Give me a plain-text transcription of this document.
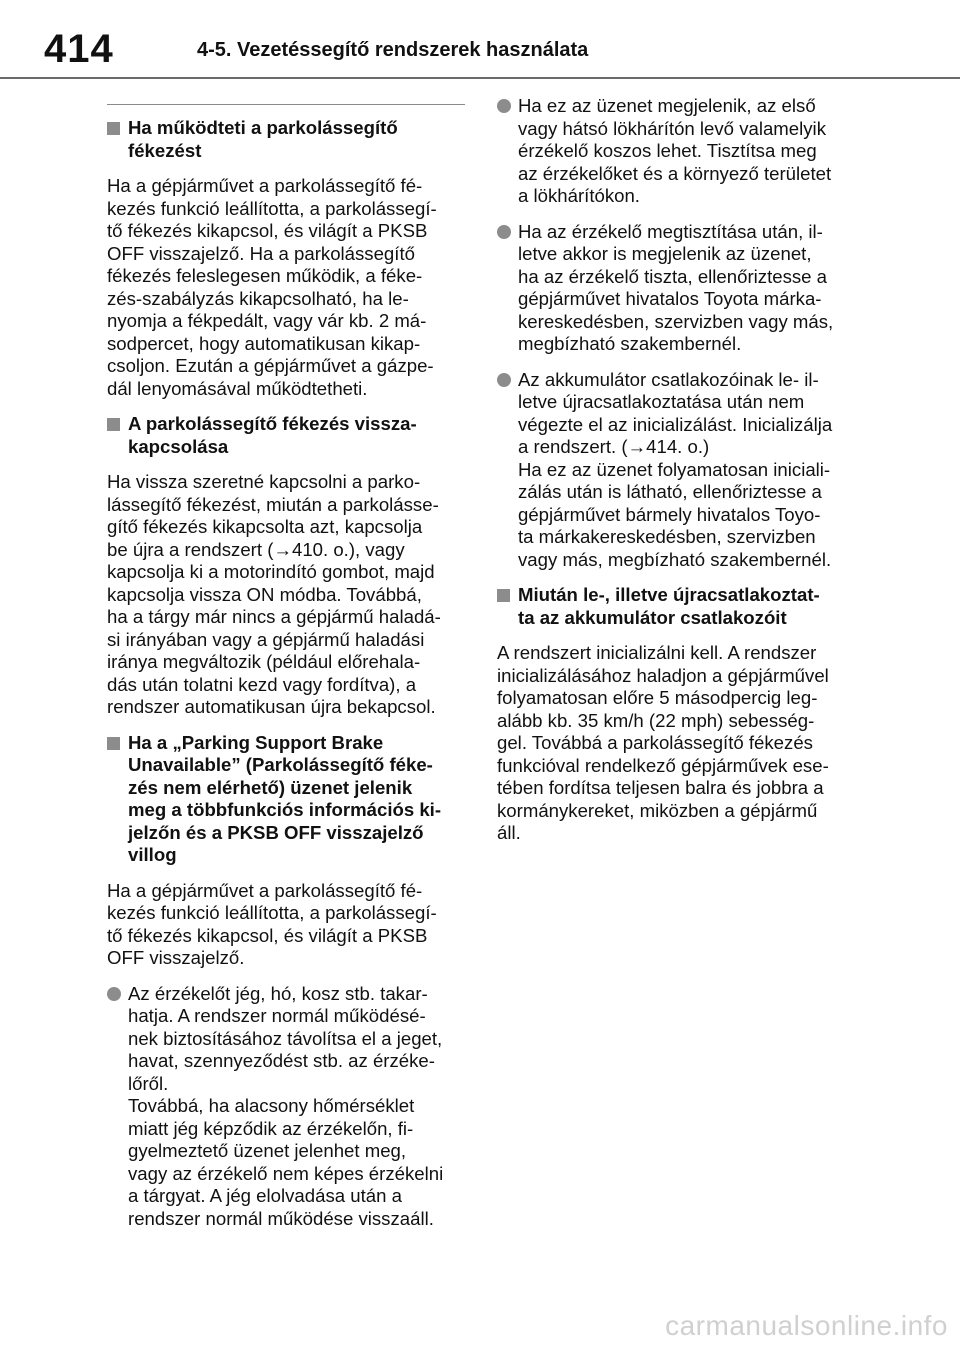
414	4-5. Vezetéssegítő rendszerek használata
Ha működteti a parkolássegítő
fékezést
Ha a gépjárművet a parkolássegítő fé-
kezés funkció leállította, a parkolássegí-
tő fékezés kikapcsol, és világít a PKSB
OFF visszajelző. Ha a parkolássegítő
fékezés feleslegesen működik, a féke-
zés-szabályzás kikapcsolható, ha le-
nyomja a fékpedált, vagy vár kb. 2 má-
sodpercet, hogy automatikusan kikap-
csoljon. Ezután a gépjárművet a gázpe-
dál lenyomásával működtetheti.
A parkolássegítő fékezés vissza-
kapcsolása
Ha vissza szeretné kapcsolni a parko-
lássegítő fékezést, miután a parkolásse-
gítő fékezés kikapcsolta azt, kapcsolja
be újra a rendszert (→410. o.), vagy
kapcsolja ki a motorindító gombot, majd
kapcsolja vissza ON módba. Továbbá,
ha a tárgy már nincs a gépjármű haladá-
si irányában vagy a gépjármű haladási
iránya megváltozik (például előrehala-
dás után tolatni kezd vagy fordítva), a
rendszer automatikusan újra bekapcsol.
Ha a „Parking Support Brake
Unavailable” (Parkolássegítő féke-
zés nem elérhető) üzenet jelenik
meg a többfunkciós információs ki-
jelzőn és a PKSB OFF visszajelző
villog
Ha a gépjárművet a parkolássegítő fé-
kezés funkció leállította, a parkolássegí-
tő fékezés kikapcsol, és világít a PKSB
OFF visszajelző.
Az érzékelőt jég, hó, kosz stb. takar-
hatja. A rendszer normál működésé-
nek biztosításához távolítsa el a jeget,
havat, szennyeződést stb. az érzéke-
lőről.
Továbbá, ha alacsony hőmérséklet
miatt jég képződik az érzékelőn, fi-
gyelmeztető üzenet jelenhet meg,
vagy az érzékelő nem képes érzékelni
a tárgyat. A jég elolvadása után a
rendszer normál működése visszaáll.
Ha ez az üzenet megjelenik, az első
vagy hátsó lökhárítón levő valamelyik
érzékelő koszos lehet. Tisztítsa meg
az érzékelőket és a környező területet
a lökhárítókon.
Ha az érzékelő megtisztítása után, il-
letve akkor is megjelenik az üzenet,
ha az érzékelő tiszta, ellenőriztesse a
gépjárművet hivatalos Toyota márka-
kereskedésben, szervizben vagy más,
megbízható szakembernél.
Az akkumulátor csatlakozóinak le- il-
letve újracsatlakoztatása után nem
végezte el az inicializálást. Inicializálja
a rendszert. (→414. o.)
Ha ez az üzenet folyamatosan iniciali-
zálás után is látható, ellenőriztesse a
gépjárművet bármely hivatalos Toyo-
ta márkakereskedésben, szervizben
vagy más, megbízható szakembernél.
Miután le-, illetve újracsatlakoztat-
ta az akkumulátor csatlakozóit
A rendszert inicializálni kell. A rendszer
inicializálásához haladjon a gépjárművel
folyamatosan előre 5 másodpercig leg-
alább kb. 35 km/h (22 mph) sebesség-
gel. Továbbá a parkolássegítő fékezés
funkcióval rendelkező gépjárművek ese-
tében fordítsa teljesen balra és jobbra a
kormánykereket, miközben a gépjármű
áll.
carmanualsonline.info
